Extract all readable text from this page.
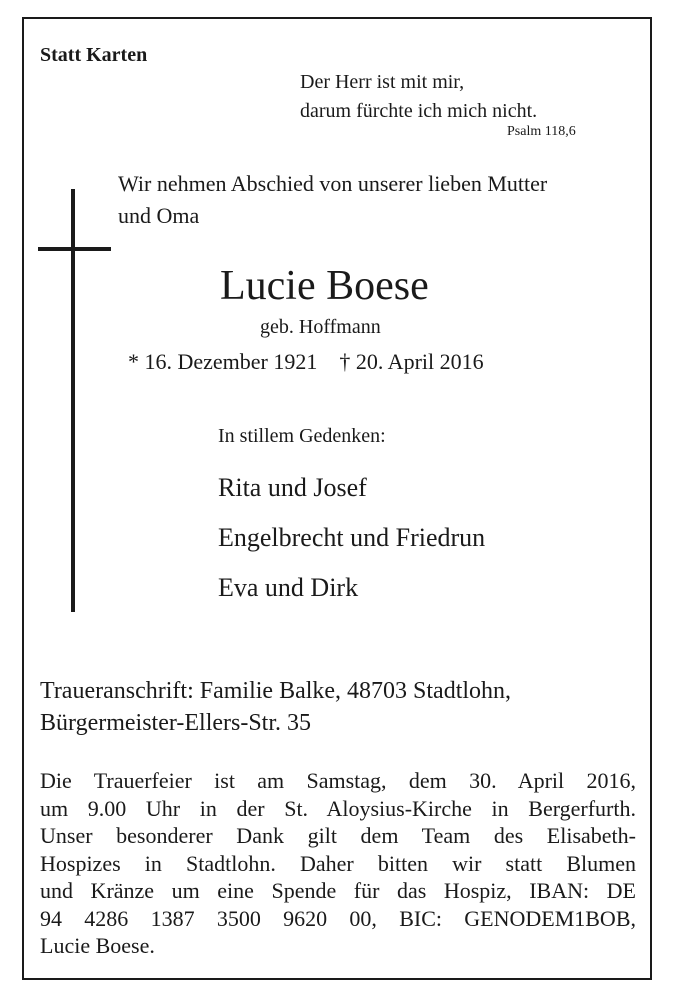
Statt Karten
Der Herr ist mit mir,
darum fürchte ich mich nicht.
Psalm 118,6
Wir nehmen Abschied von unserer lieben Mutter
und Oma
Lucie Boese
geb. Hoffmann
* 16. Dezember 1921 † 20. April 2016
In stillem Gedenken:
Rita und Josef
Engelbrecht und Friedrun
Eva und Dirk
Traueranschrift: Familie Balke, 48703 Stadtlohn,
Bürgermeister-Ellers-Str. 35
Die Trauerfeier ist am Samstag, dem 30. April 2016,
um 9.00 Uhr in der St. Aloysius-Kirche in Bergerfurth.
Unser besonderer Dank gilt dem Team des Elisabeth-
Hospizes in Stadtlohn. Daher bitten wir statt Blumen
und Kränze um eine Spende für das Hospiz, IBAN: DE
94 4286 1387 3500 9620 00, BIC: GENODEM1BOB,
Lucie Boese.
